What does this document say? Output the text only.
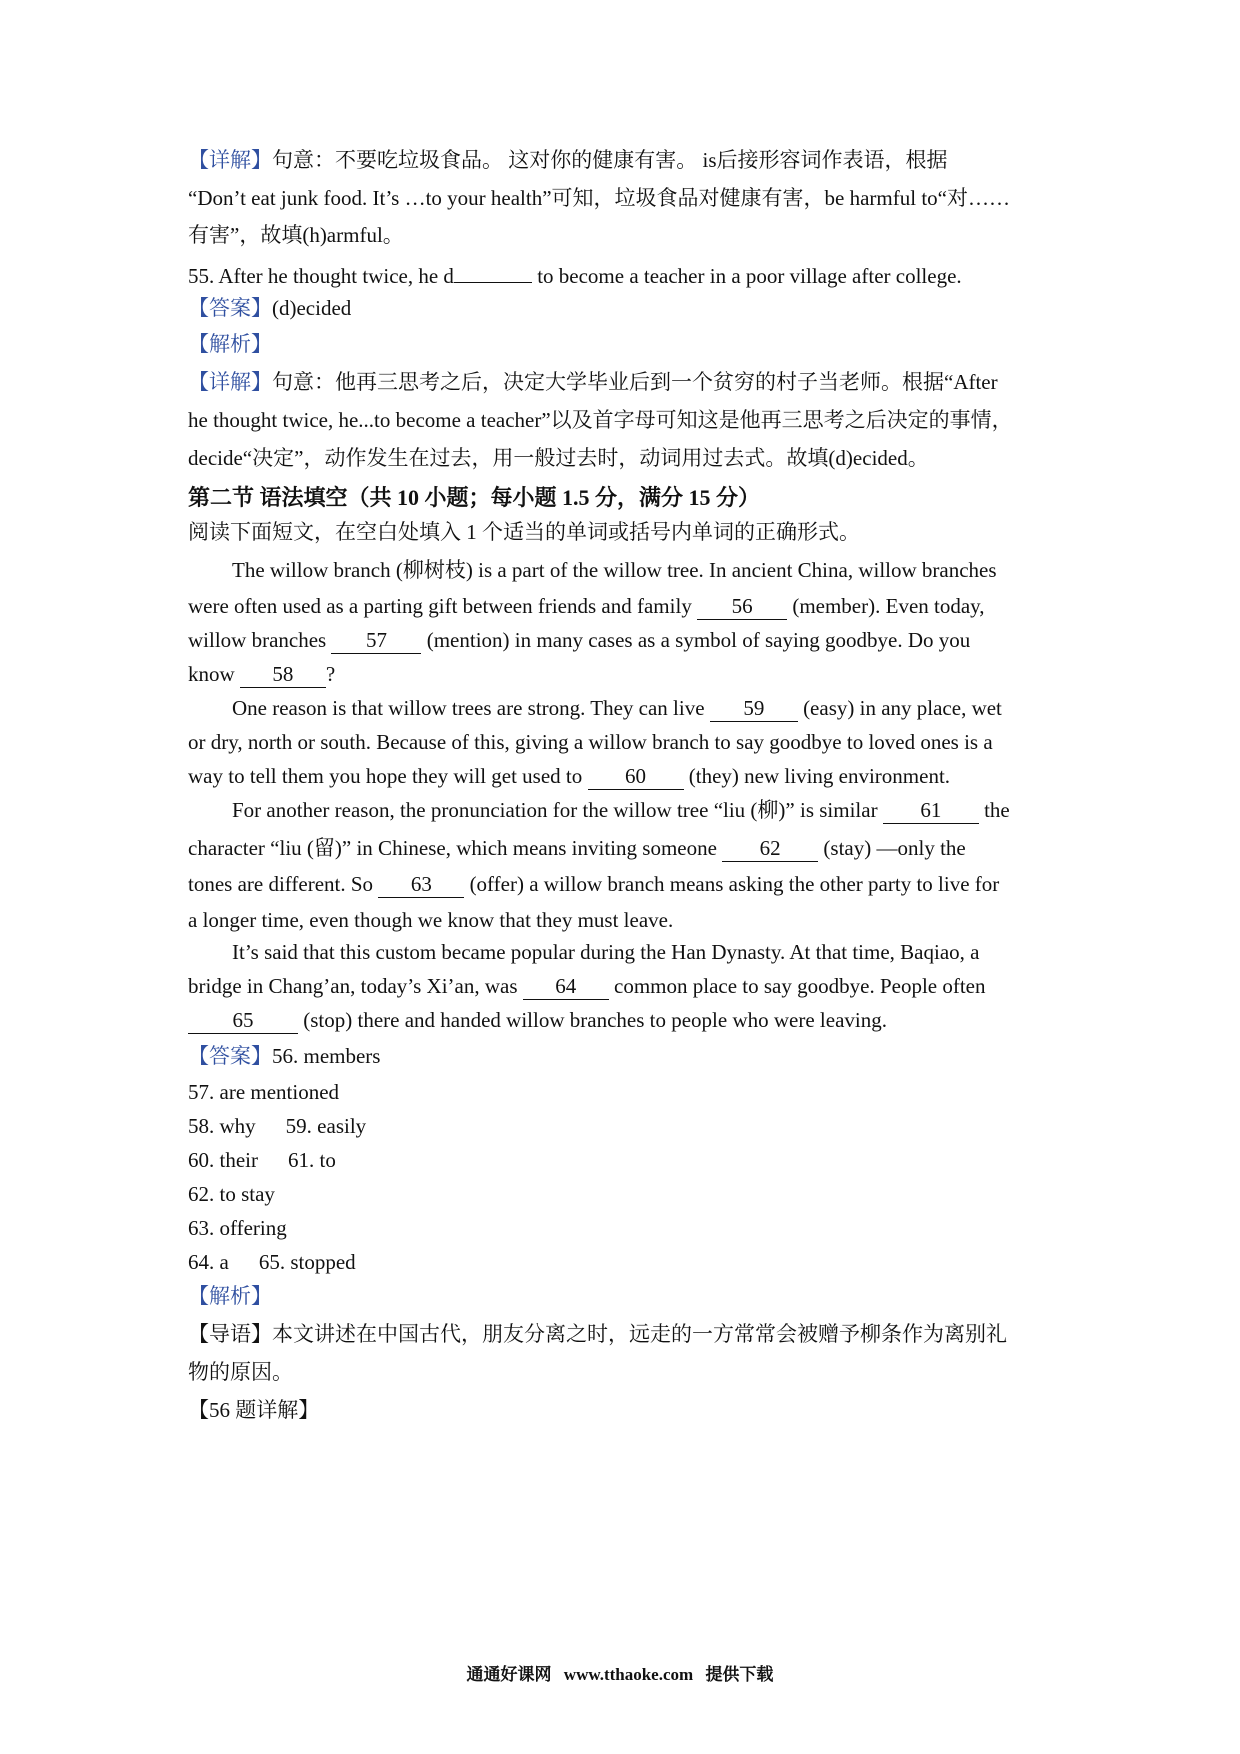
【详解】句意：不要吃垃圾食品。 这对你的健康有害。 is后接形容词作表语，根据
“Don’t eat junk food. It’s …to your health”可知，垃圾食品对健康有害，be harmful to“对……
有害”，故填(h)armful。
55. After he thought twice, he d	to become a teacher in a poor village after college.
【答案】(d)ecided
【解析】
【详解】句意：他再三思考之后，决定大学毕业后到一个贫穷的村子当老师。根据“After
he thought twice, he...to become a teacher”以及首字母可知这是他再三思考之后决定的事情，
decide“决定”，动作发生在过去，用一般过去时，动词用过去式。故填(d)ecided。
第二节 语法填空（共 10 小题；每小题 1.5 分，满分 15 分）
阅读下面短文，在空白处填入 1 个适当的单词或括号内单词的正确形式。
The willow branch (柳树枝) is a part of the willow tree. In ancient China, willow branches
were often used as a parting gift between friends and family 56 (member). Even today,
willow branches 57 (mention) in many cases as a symbol of saying goodbye. Do you
know 58 ?
One reason is that willow trees are strong. They can live 59 (easy) in any place, wet
or dry, north or south. Because of this, giving a willow branch to say goodbye to loved ones is a
way to tell them you hope they will get used to 60 (they) new living environment.
For another reason, the pronunciation for the willow tree “liu (柳)” is similar 61 the
character “liu (留)” in Chinese, which means inviting someone 62 (stay) —only the
tones are different. So 63 (offer) a willow branch means asking the other party to live for
a longer time, even though we know that they must leave.
It’s said that this custom became popular during the Han Dynasty. At that time, Baqiao, a
bridge in Chang’an, today’s Xi’an, was 64 common place to say goodbye. People often
65 (stop) there and handed willow branches to people who were leaving.
【答案】56. members
57. are mentioned
58. why 59. easily
60. their 61. to
62. to stay
63. offering
64. a 65. stopped
【解析】
【导语】本文讲述在中国古代，朋友分离之时，远走的一方常常会被赠予柳条作为离别礼
物的原因。
【56 题详解】
通通好课网 www.tthaoke.com 提供下载
